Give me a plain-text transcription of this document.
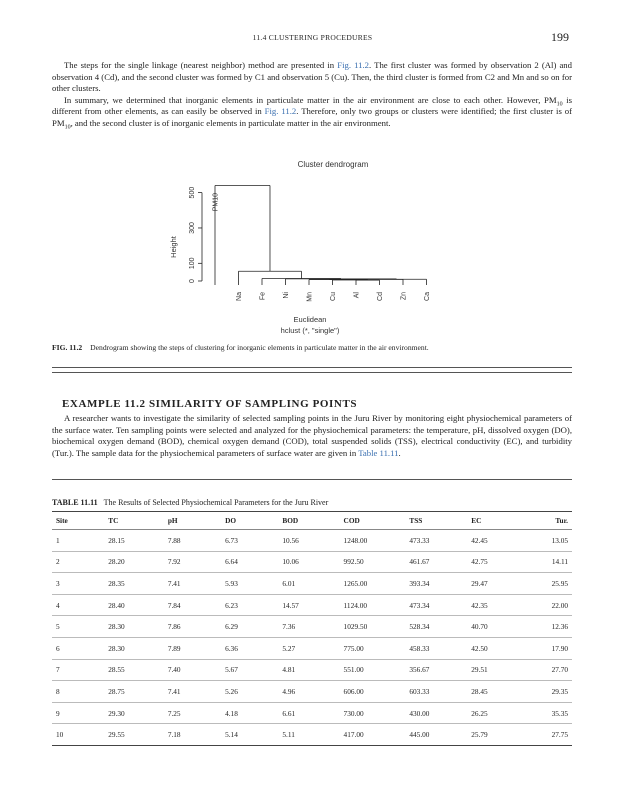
11.4 CLUSTERING PROCEDURES	199

The steps for the single linkage (nearest neighbor) method are presented in Fig. 11.2. The first cluster was formed by observation 2 (Al) and observation 4 (Cd), and the second cluster was formed by C1 and observation 5 (Cu). Then, the third cluster is formed from C2 and Mn and so on for other clusters.

In summary, we determined that inorganic elements in particulate matter in the air environment are close to each other. However, $PM_{10}$ is different from other elements, as can easily be observed in Fig. 11.2. Therefore, only two groups or clusters were identified; the first cluster is of $PM_{10}$, and the second cluster is of inorganic elements in particulate matter in the air environment.

Cluster dendrogram
Height
0
100
300
500
PM10
Na Fe Ni Mn Cu Al Cd Zn Ca
Euclidean
hclust (*, "single")
FIG. 11.2 Dendrogram showing the steps of clustering for inorganic elements in particulate matter in the air environment.
EXAMPLE 11.2 SIMILARITY OF SAMPLING POINTS

A researcher wants to investigate the similarity of selected sampling points in the Juru River by monitoring eight physiochemical parameters of the surface water. Ten sampling points were selected and analyzed for the physiochemical parameters: the temperature, pH, dissolved oxygen (DO), biochemical oxygen demand (BOD), chemical oxygen demand (COD), total suspended solids (TSS), electrical conductivity (EC), and turbidity (Tur.). The sample data for the physiochemical parameters of surface water are given in Table 11.11.

TABLE 11.11 The Results of Selected Physiochemical Parameters for the Juru River
Site	TC	pH	DO	BOD	COD	TSS	EC	Tur.
1	28.15	7.88	6.73	10.56	1248.00	473.33	42.45	13.05
2	28.20	7.92	6.64	10.06	992.50	461.67	42.75	14.11
3	28.35	7.41	5.93	6.01	1265.00	393.34	29.47	25.95
4	28.40	7.84	6.23	14.57	1124.00	473.34	42.35	22.00
5	28.30	7.86	6.29	7.36	1029.50	528.34	40.70	12.36
6	28.30	7.89	6.36	5.27	775.00	458.33	42.50	17.90
7	28.55	7.40	5.67	4.81	551.00	356.67	29.51	27.70
8	28.75	7.41	5.26	4.96	606.00	603.33	28.45	29.35
9	29.30	7.25	4.18	6.61	730.00	430.00	26.25	35.35
10	29.55	7.18	5.14	5.11	417.00	445.00	25.79	27.75
